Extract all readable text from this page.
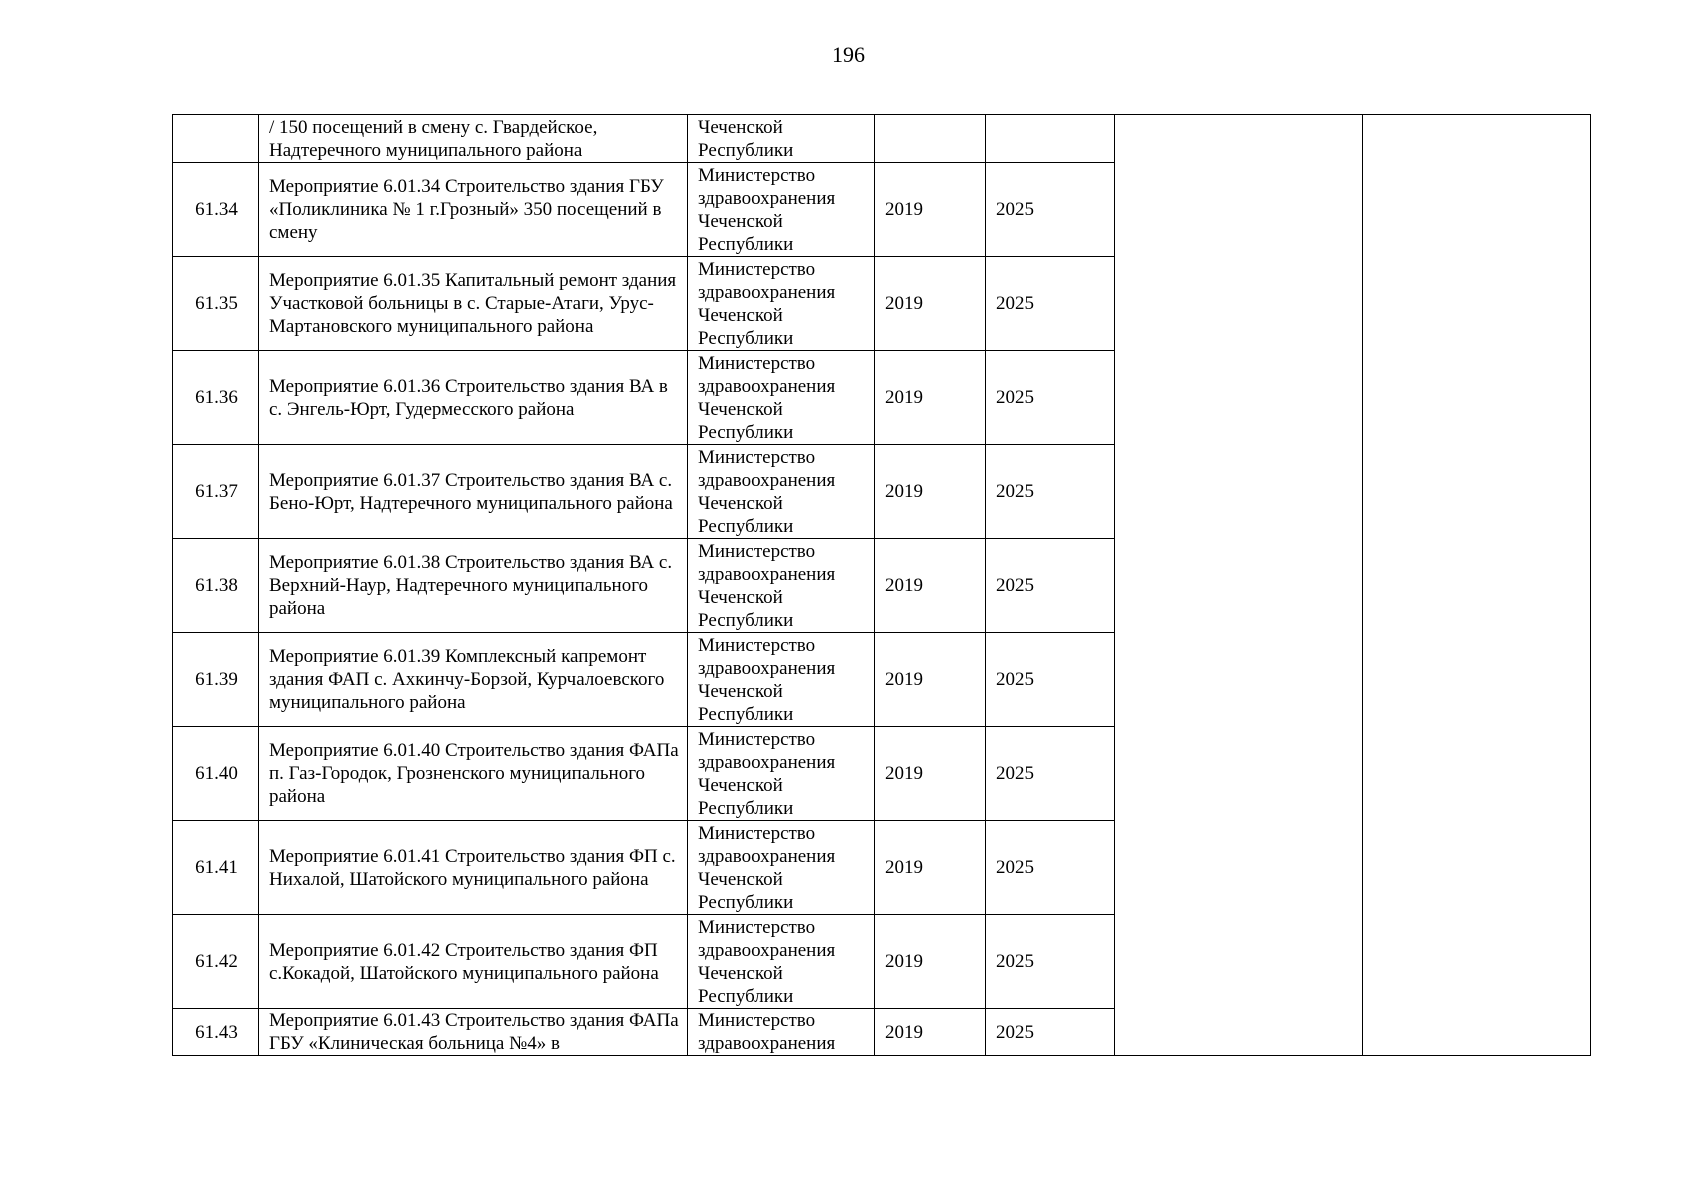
196
	/ 150 посещений в смену с. Гвардейское, Надтеречного муниципального района	Чеченской Республики				
61.34	Мероприятие 6.01.34 Строительство здания ГБУ «Поликлиника № 1 г.Грозный» 350 посещений в смену	Министерство здравоохранения Чеченской Республики	2019	2025		
61.35	Мероприятие 6.01.35 Капитальный ремонт здания Участковой больницы в с. Старые-Атаги, Урус-Мартановского муниципального района	Министерство здравоохранения Чеченской Республики	2019	2025		
61.36	Мероприятие 6.01.36 Строительство здания ВА в с. Энгель-Юрт, Гудермесского района	Министерство здравоохранения Чеченской Республики	2019	2025		
61.37	Мероприятие 6.01.37 Строительство здания ВА с. Бено-Юрт, Надтеречного муниципального района	Министерство здравоохранения Чеченской Республики	2019	2025		
61.38	Мероприятие 6.01.38 Строительство здания ВА с. Верхний-Наур, Надтеречного муниципального района	Министерство здравоохранения Чеченской Республики	2019	2025		
61.39	Мероприятие 6.01.39 Комплексный капремонт здания ФАП с. Ахкинчу-Борзой, Курчалоевского муниципального района	Министерство здравоохранения Чеченской Республики	2019	2025		
61.40	Мероприятие 6.01.40 Строительство здания ФАПа п. Газ-Городок, Грозненского муниципального района	Министерство здравоохранения Чеченской Республики	2019	2025		
61.41	Мероприятие 6.01.41 Строительство здания ФП с. Нихалой, Шатойского муниципального района	Министерство здравоохранения Чеченской Республики	2019	2025		
61.42	Мероприятие 6.01.42 Строительство здания ФП с.Кокадой, Шатойского муниципального района	Министерство здравоохранения Чеченской Республики	2019	2025		
61.43	Мероприятие 6.01.43 Строительство здания ФАПа ГБУ «Клиническая больница №4» в	Министерство здравоохранения	2019	2025		
